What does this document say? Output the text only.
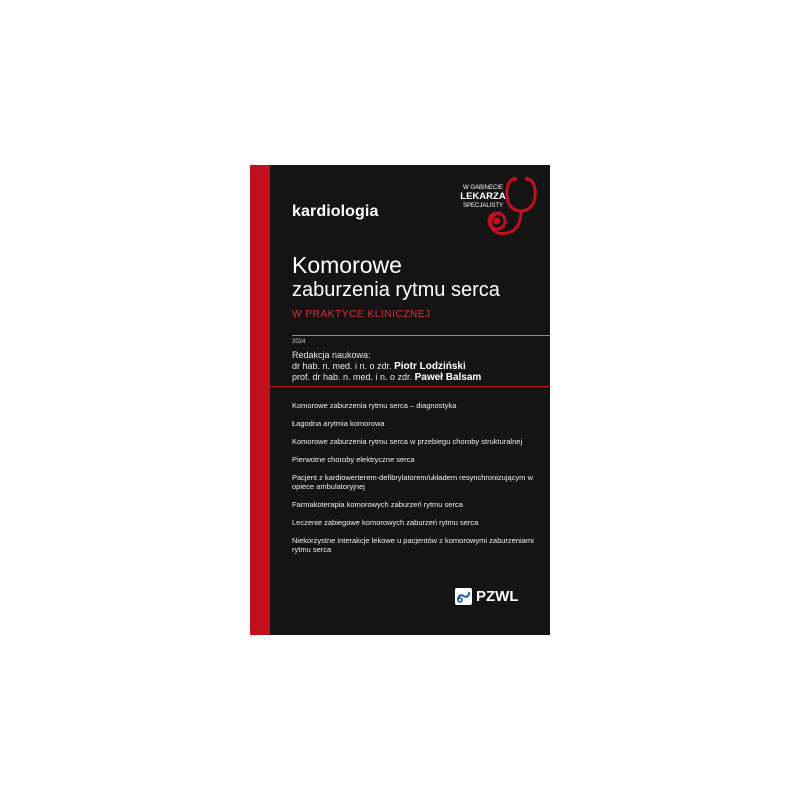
kardiologia
W GABINECIE
LEKARZA
SPECJALISTY
Komorowe
zaburzenia rytmu serca
W PRAKTYCE KLINICZNEJ
2024
Redakcja naukowa:
dr hab. n. med. i n. o zdr. Piotr Lodziński
prof. dr hab. n. med. i n. o zdr. Paweł Balsam
Komorowe zaburzenia rytmu serca – diagnostyka
Łagodna arytmia komorowa
Komorowe zaburzenia rytmu serca w przebiegu choroby strukturalnej
Pierwotne choroby elektryczne serca
Pacjent z kardiowerterem-defibrylatorem/układem resynchronizującym w opiece ambulatoryjnej
Farmakoterapia komorowych zaburzeń rytmu serca
Leczenie zabiegowe komorowych zaburzeń rytmu serca
Niekorzystne interakcje lekowe u pacjentów z komorowymi zaburzeniami rytmu serca
PZWL
